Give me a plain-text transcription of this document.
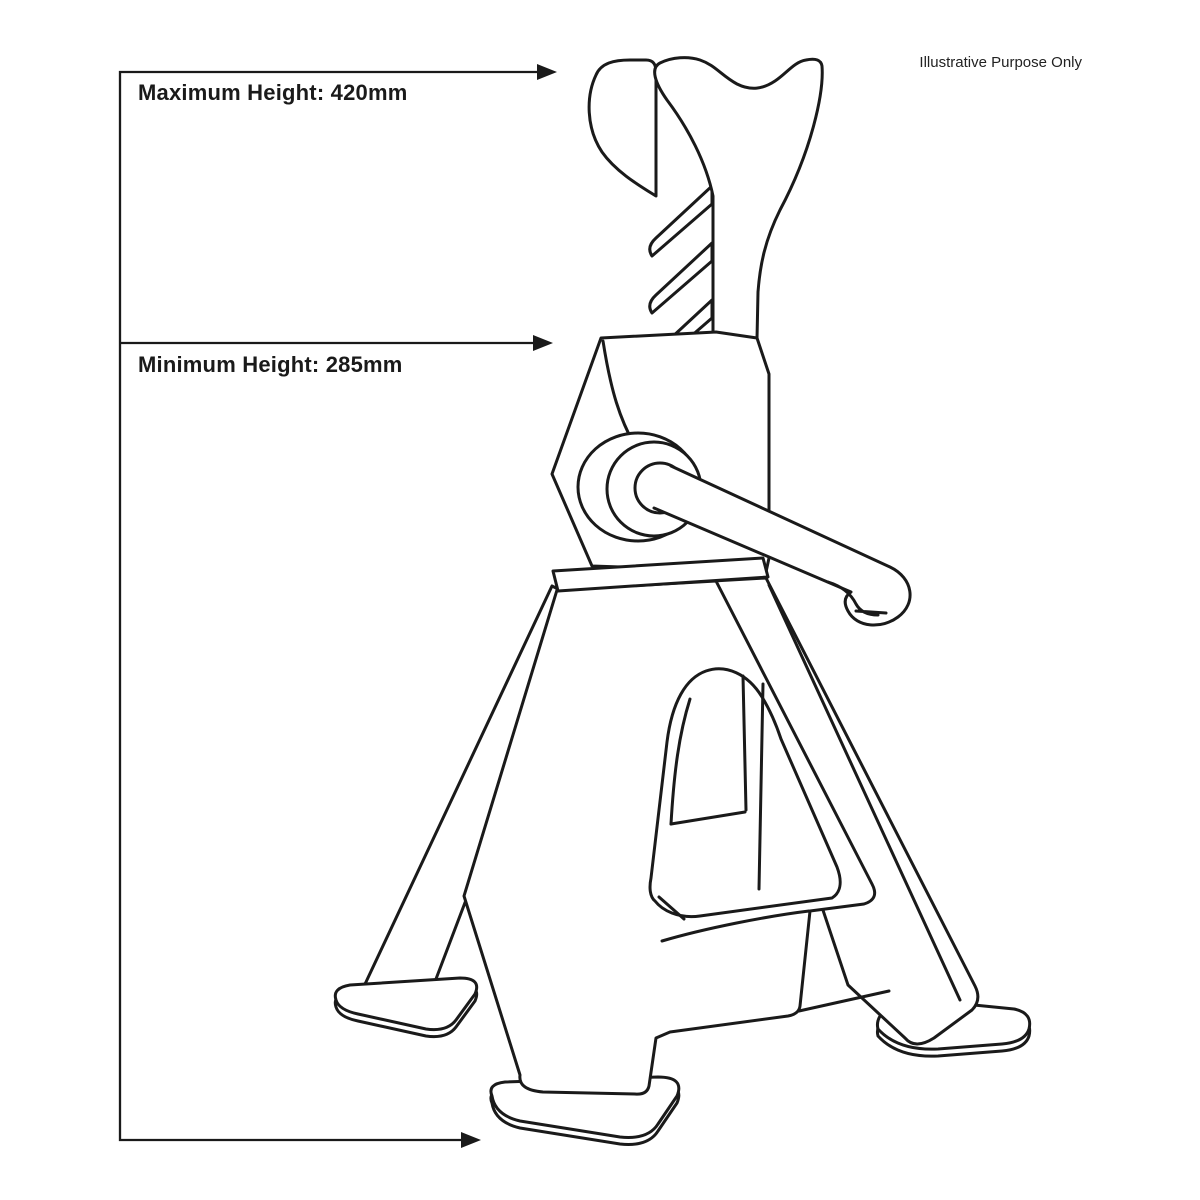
Maximum Height: 420mm
Minimum Height: 285mm
Illustrative Purpose Only
